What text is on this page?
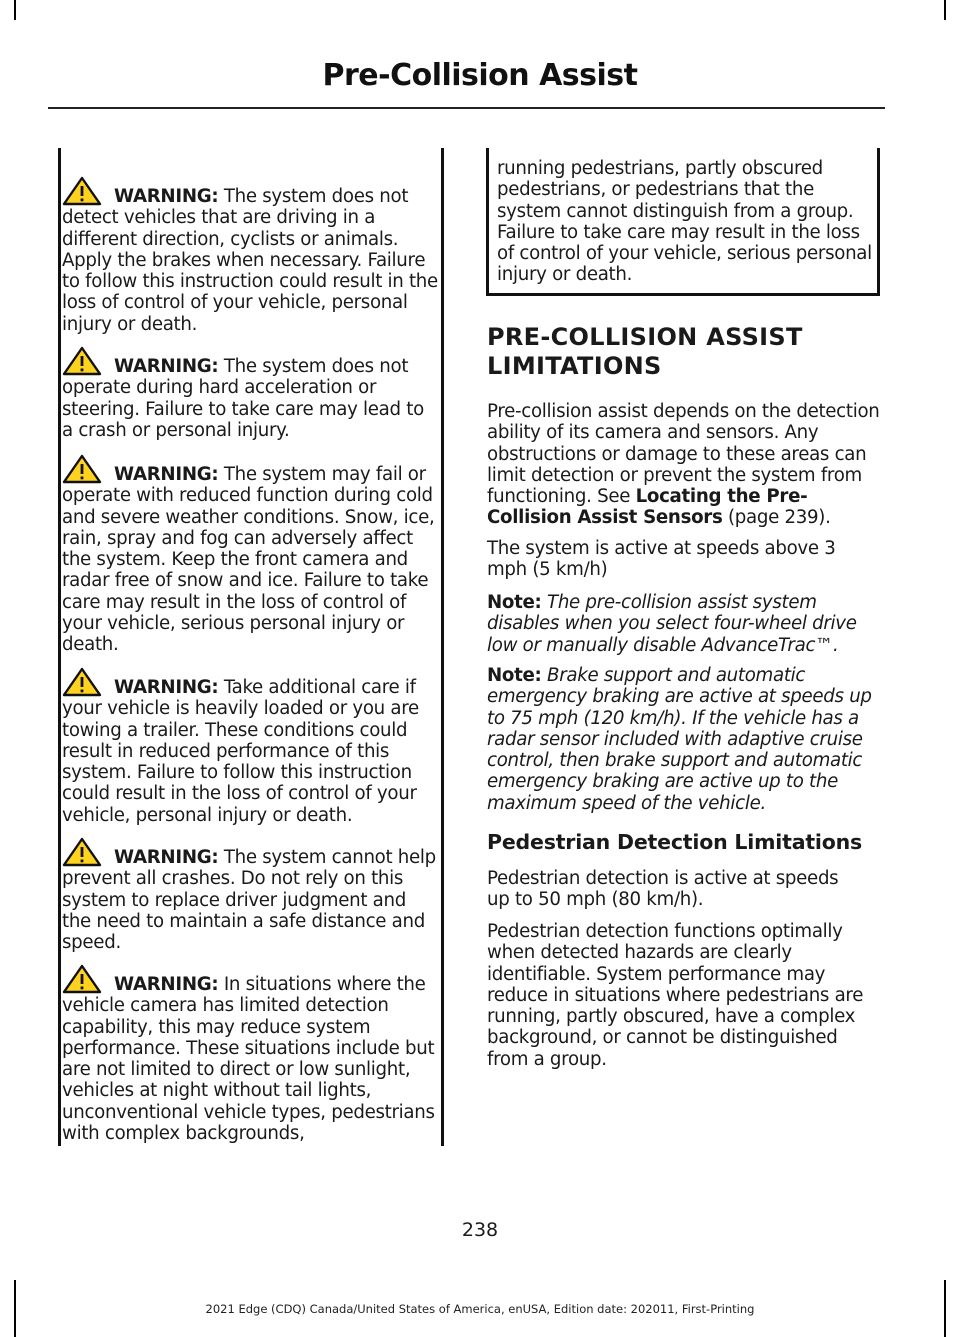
Pre-Collision Assist

WARNING: The system does not detect vehicles that are driving in a different direction, cyclists or animals. Apply the brakes when necessary. Failure to follow this instruction could result in the loss of control of your vehicle, personal injury or death.

WARNING: The system does not operate during hard acceleration or steering. Failure to take care may lead to a crash or personal injury.

WARNING: The system may fail or operate with reduced function during cold and severe weather conditions. Snow, ice, rain, spray and fog can adversely affect the system. Keep the front camera and radar free of snow and ice. Failure to take care may result in the loss of control of your vehicle, serious personal injury or death.

WARNING: Take additional care if your vehicle is heavily loaded or you are towing a trailer. These conditions could result in reduced performance of this system. Failure to follow this instruction could result in the loss of control of your vehicle, personal injury or death.

WARNING: The system cannot help prevent all crashes. Do not rely on this system to replace driver judgment and the need to maintain a safe distance and speed.

WARNING: In situations where the vehicle camera has limited detection capability, this may reduce system performance. These situations include but are not limited to direct or low sunlight, vehicles at night without tail lights, unconventional vehicle types, pedestrians with complex backgrounds,

running pedestrians, partly obscured pedestrians, or pedestrians that the system cannot distinguish from a group. Failure to take care may result in the loss of control of your vehicle, serious personal injury or death.

PRE-COLLISION ASSIST
LIMITATIONS

Pre-collision assist depends on the detection ability of its camera and sensors. Any obstructions or damage to these areas can limit detection or prevent the system from functioning. See Locating the Pre-Collision Assist Sensors (page 239).

The system is active at speeds above 3 mph (5 km/h)

Note: The pre-collision assist system disables when you select four-wheel drive low or manually disable AdvanceTrac™.

Note: Brake support and automatic emergency braking are active at speeds up to 75 mph (120 km/h). If the vehicle has a radar sensor included with adaptive cruise control, then brake support and automatic emergency braking are active up to the maximum speed of the vehicle.

Pedestrian Detection Limitations

Pedestrian detection is active at speeds up to 50 mph (80 km/h).

Pedestrian detection functions optimally when detected hazards are clearly identifiable. System performance may reduce in situations where pedestrians are running, partly obscured, have a complex background, or cannot be distinguished from a group.

238
2021 Edge (CDQ) Canada/United States of America, enUSA, Edition date: 202011, First-Printing
